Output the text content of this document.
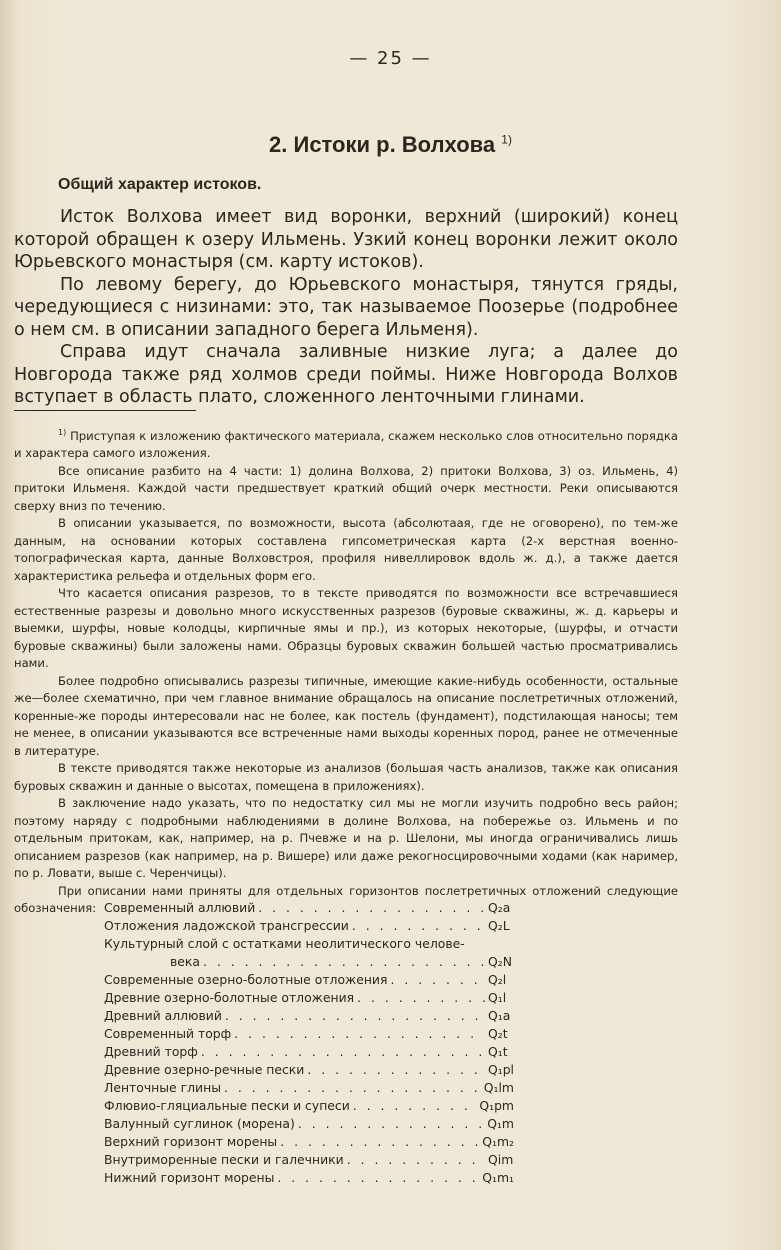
— 25 —
2. Истоки р. Волхова $^{1)}$
Общий характер истоков.

Исток Волхова имеет вид воронки, верхний (широкий) конец которой обращен к озеру Ильмень. Узкий конец воронки лежит около Юрьевского монастыря (см. карту истоков).

По левому берегу, до Юрьевского монастыря, тянутся гряды, чередующиеся с низинами: это, так называемое Поозерье (подробнее о нем см. в описании западного берега Ильменя).

Справа идут сначала заливные низкие луга; а далее до Новгорода также ряд холмов среди поймы. Ниже Новгорода Волхов вступает в область плато, сложенного ленточными глинами.

$^{1)}$ Приступая к изложению фактического материала, скажем несколько слов относительно порядка и характера самого изложения.

Все описание разбито на 4 части: 1) долина Волхова, 2) притоки Волхова, 3) оз. Ильмень, 4) притоки Ильменя. Каждой части предшествует краткий общий очерк местности. Реки описываются сверху вниз по течению.

В описании указывается, по возможности, высота (абсолютаая, где не оговорено), по тем-же данным, на основании которых составлена гипсометрическая карта (2-х верстная военно-топографическая карта, данные Волховстроя, профиля нивеллировок вдоль ж. д.), а также дается характеристика рельефа и отдельных форм его.

Что касается описания разрезов, то в тексте приводятся по возможности все встречавшиеся естественные разрезы и довольно много искусственных разрезов (буровые скважины, ж. д. карьеры и выемки, шурфы, новые колодцы, кирпичные ямы и пр.), из которых некоторые, (шурфы, и отчасти буровые скважины) были заложены нами. Образцы буровых скважин большей частью просматривались нами.

Более подробно описывались разрезы типичные, имеющие какие-нибудь особенности, остальные же—более схематично, при чем главное внимание обращалось на описание послетретичных отложений, коренные-же породы интересовали нас не более, как постель (фундамент), подстилающая наносы; тем не менее, в описании указываются все встреченные нами выходы коренных пород, ранее не отмеченные в литературе.

В тексте приводятся также некоторые из анализов (большая часть анализов, также как описания буровых скважин и данные о высотах, помещена в приложениях).

В заключение надо указать, что по недостатку сил мы не могли изучить подробно весь район; поэтому наряду с подробными наблюдениями в долине Волхова, на побережье оз. Ильмень и по отдельным притокам, как, например, на р. Пчевже и на р. Шелони, мы иногда ограничивались лишь описанием разрезов (как например, на р. Вишере) или даже рекогносцировочными ходами (как наример, по р. Ловати, выше с. Черенчицы).

При описании нами приняты для отдельных горизонтов послетретичных отложений следующие обозначения: Современный аллювий . . .	Q₂a
Отложения ладожской трансгрессии . . .	Q₂L
Культурный слой с остатками неолитического челове-
века . . .	Q₂N
Современные озерно-болотные отложения . . .	Q₂l
Древние озерно-болотные отложения . . .	Q₁l
Древний аллювий . . .	Q₁a
Современный торф . . .	Q₂t
Древний торф . . .	Q₁t
Древние озерно-речные пески . . .	Q₁pl
Ленточные глины . . .	Q₁lm
Флювио-гляциальные пески и супеси . . .	Q₁pm
Валунный суглинок (морена) . . .	Q₁m
Верхний горизонт морены . . .	Q₁m₂
Внутриморенные пески и галечники . . .	Qim
Нижний горизонт морены . . .	Q₁m₁
